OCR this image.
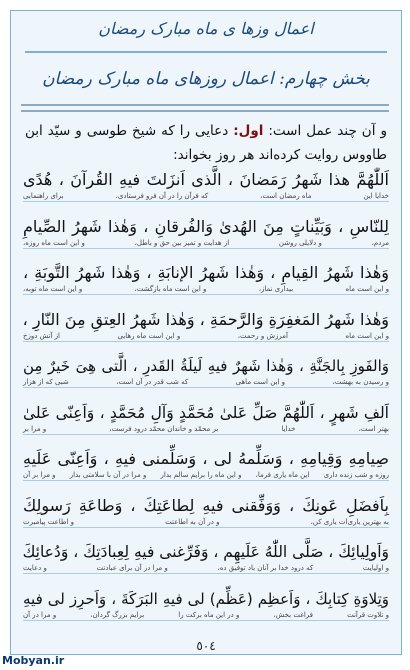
اعمال وزها ی ماه مبارک رمضان
بخش چهارم: اعمال روزهای ماه مبارک رمضان
و آن چند عمل است: اول: دعایی را که شیخ طوسی و سیّد ابن طاووس روایت کرده‌اند هر روز بخواند:
اَللّٰهُمَّ هذا شَهرُ رَمَضانَ ، الَّذى اَنزَلتَ فيهِ القُرآنَ ، هُدًى
خدایا این
ماه رمضان است،
که فرآن را در آن فرو فرستادی،
برای راهنمایی
لِلنّاسِ ، وَبَيِّناتٍ مِنَ الهُدىٰ وَالفُرقانِ ، وَهٰذا شَهرُ الصِّيامِ
مردم،
و دلایلی روشن
از هدایت و تمیز بین حق و باطل،
و این است ماه روزه،
وَهٰذا شَهرُ القِيامِ ، وَهٰذا شَهرُ الإنابَةِ ، وَهٰذا شَهرُ التَّوبَةِ ،
و این است ماه
بیداری نماز،
و این است ماه بازگشت،
و این است ماه توبه،
وَهٰذا شَهرُ المَغفِرَةِ وَالرَّحمَةِ ، وَهٰذا شَهرُ العِتقِ مِنَ النّارِ ،
و این است ماه
آمرزش و رحمت،
و این است ماه رهایی
از آتش دوزخ
وَالفَوزِ بِالجَنَّةِ ، وَهٰذا شَهرٌ فيهِ لَيلَةُ القَدرِ ، الَّتى هِىَ خَيرٌ مِن
و رسیدن به بهشت،
و این است ماهی
که شب قدر در آن است،
شبی که از هزار
اَلفِ شَهرٍ ، اَللّٰهُمَّ صَلِّ عَلىٰ مُحَمَّدٍ وَآلِ مُحَمَّدٍ ، وَاَعِنّى عَلىٰ
بهتر است،
خدایا
بر محمّد و خاندان محمّد درود فرست،
و مرا بر
صِيامِهِ وَقِيامِهِ ، وَسَلِّمهُ لى ، وَسَلِّمنى فيهِ ، وَاَعِنّى عَلَيهِ
روزه و شب زنده داری
این ماه یاری فرما،
و این ماه را برایم سالم بدار
و مرا در آن با سلامتی بدار
و مرا بر آن
بِاَفضَلِ عَونِكَ ، وَوَفِّقنى فيهِ لِطاعَتِكَ ، وَطاعَةِ رَسولِكَ
به بهترین یاری‌ات یاری کن،
و در آن به اطاعتت
و اطاعت پیامبرت
وَاَولِيائِكَ ، صَلَّى اللّٰهُ عَلَيهِم ، وَفَرِّغنى فيهِ لِعِبادَتِكَ ، وَدُعائِكَ
و اولیایت
که درود خدا بر آنان باد توفیق ده،
و مرا در آن برای عبادتت
و دعایت
وَتِلاوَةِ كِتابِكَ ، وَاَعظِم (عَظِّم) لى فيهِ البَرَكَةَ ، وَاَحرِز لى فيهِ
و تلاوت قرآنت
فراغت بخش،
و در این ماه برکت را
برایم بزرگ گردان،
و مرا در آن
٥٠٤
Mobyan.ir
